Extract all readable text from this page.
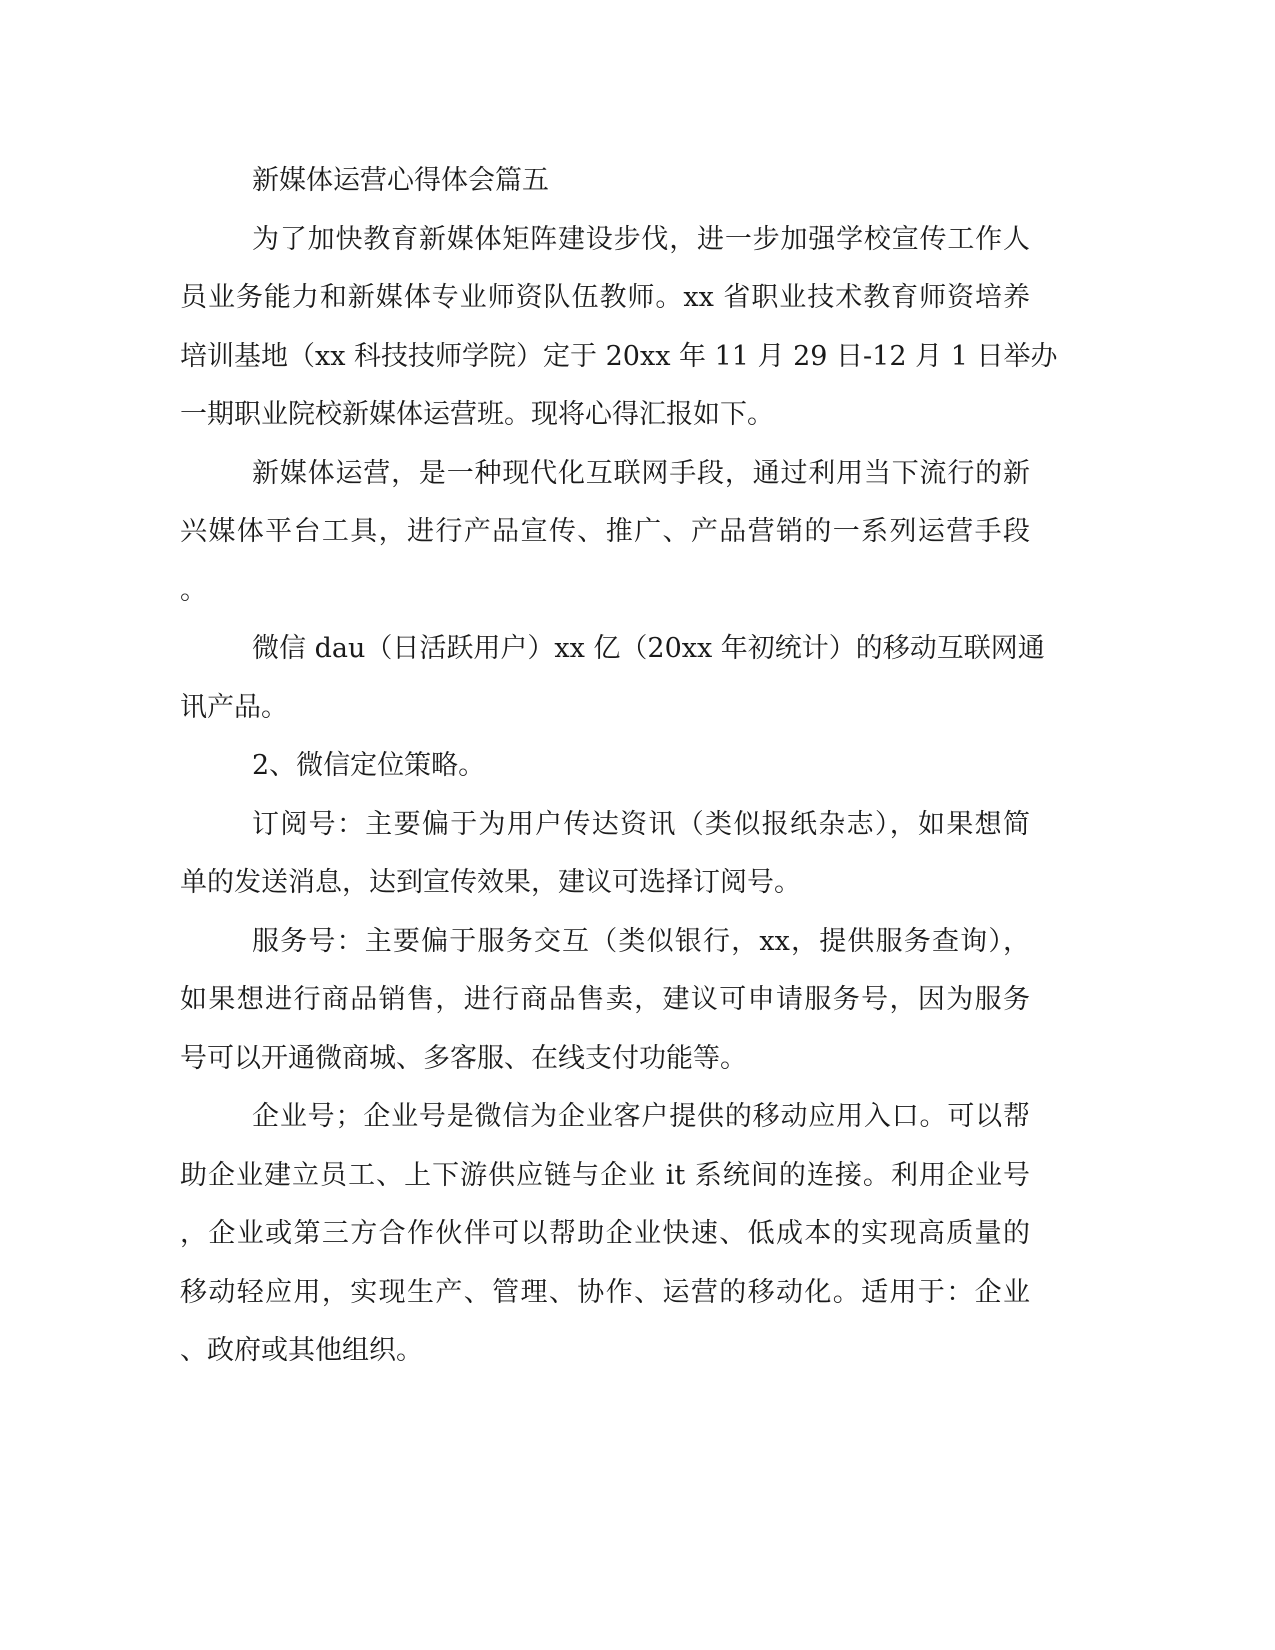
新媒体运营心得体会篇五
为了加快教育新媒体矩阵建设步伐，进一步加强学校宣传工作人
员业务能力和新媒体专业师资队伍教师。xx 省职业技术教育师资培养
培训基地（xx 科技技师学院）定于 20xx 年 11 月 29 日-12 月 1 日举办
一期职业院校新媒体运营班。现将心得汇报如下。
新媒体运营，是一种现代化互联网手段，通过利用当下流行的新
兴媒体平台工具，进行产品宣传、推广、产品营销的一系列运营手段
。
微信 dau（日活跃用户）xx 亿（20xx 年初统计）的移动互联网通
讯产品。
2、微信定位策略。
订阅号：主要偏于为用户传达资讯（类似报纸杂志），如果想简
单的发送消息，达到宣传效果，建议可选择订阅号。
服务号：主要偏于服务交互（类似银行，xx，提供服务查询），
如果想进行商品销售，进行商品售卖，建议可申请服务号，因为服务
号可以开通微商城、多客服、在线支付功能等。
企业号；企业号是微信为企业客户提供的移动应用入口。可以帮
助企业建立员工、上下游供应链与企业 it 系统间的连接。利用企业号
，企业或第三方合作伙伴可以帮助企业快速、低成本的实现高质量的
移动轻应用，实现生产、管理、协作、运营的移动化。适用于：企业
、政府或其他组织。
